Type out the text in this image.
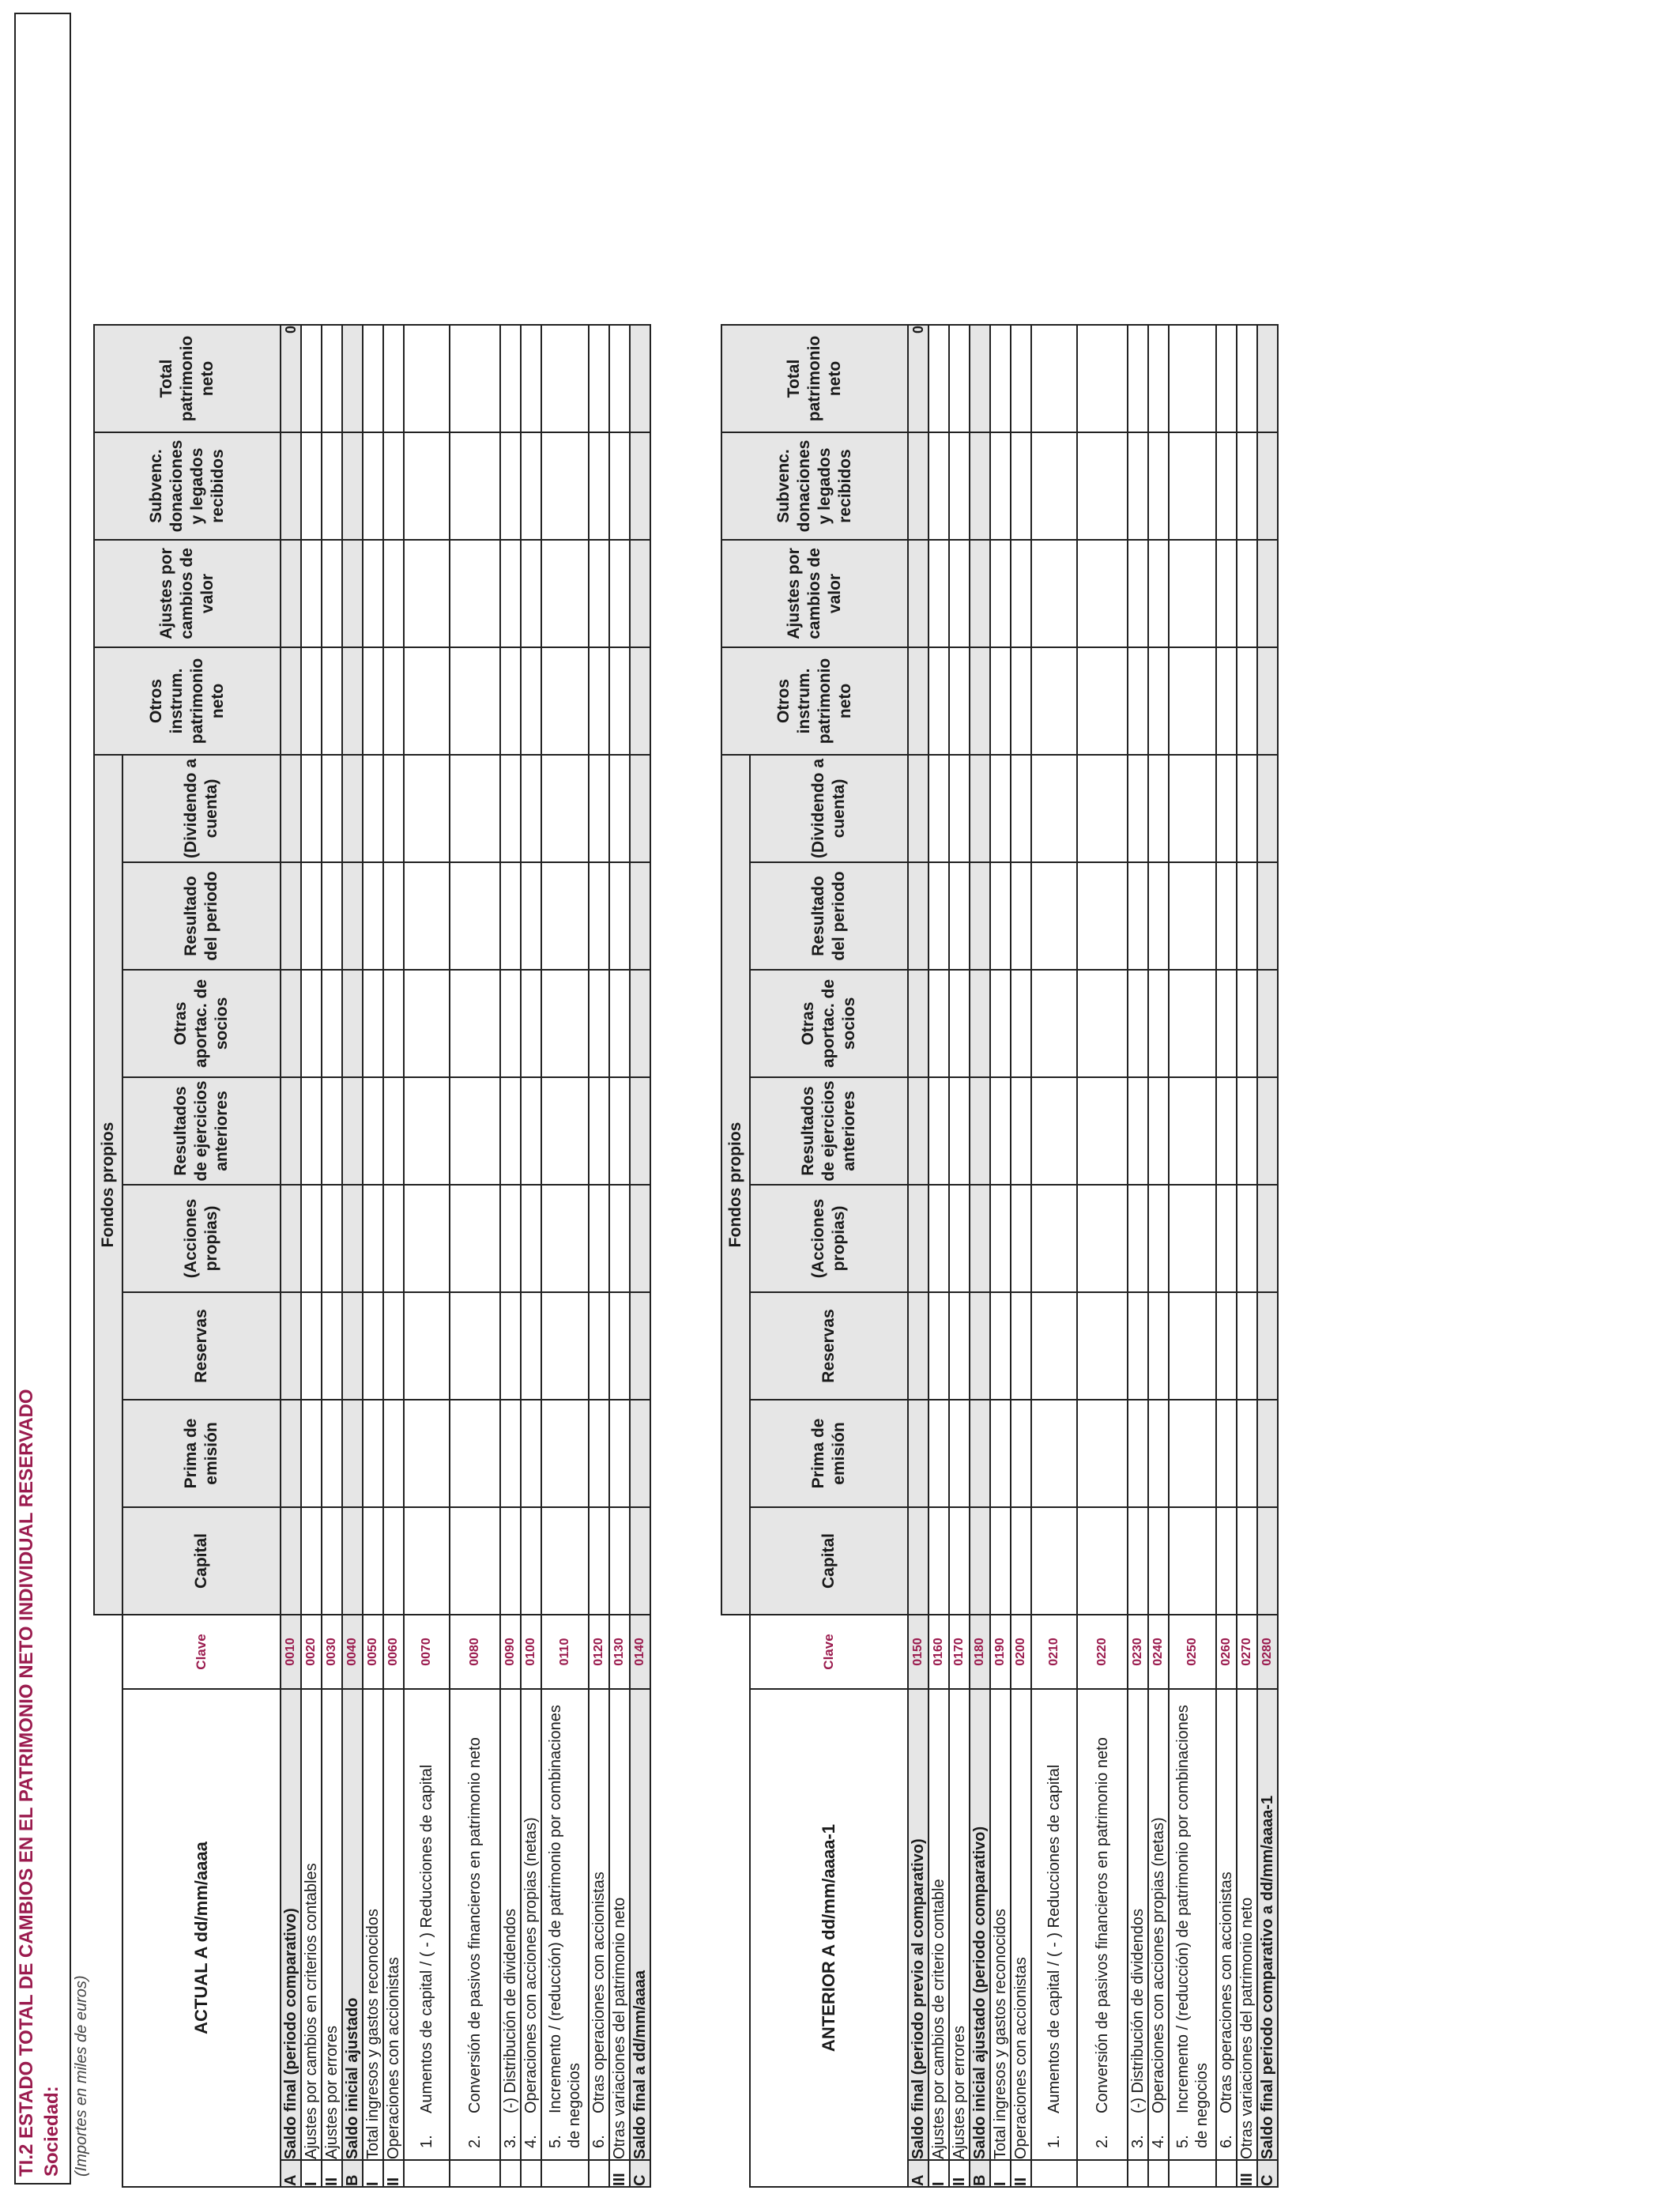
TI.2 ESTADO TOTAL DE CAMBIOS EN EL PATRIMONIO NETO INDIVIDUAL RESERVADO Sociedad: (Importes en miles de euros)
			Fondos propios								Otros instrum. patrimonio neto	Ajustes por cambios de valor	Subvenc. donaciones y legados recibidos	Total patrimonio neto
ACTUAL A dd/mm/aaaa		Clave	Capital	Prima de emisión	Reservas	(Acciones propias)	Resultados de ejercicios anteriores	Otras aportac. de socios	Resultado del periodo	(Dividendo a cuenta)				
A	Saldo final (periodo comparativo)	0010												0
I	Ajustes por cambios en criterios contables	0020												
II	Ajustes por errores	0030												
B	Saldo inicial ajustado	0040												
I	Total ingresos y gastos reconocidos	0050												
II	Operaciones con accionistas	0060												
	1.Aumentos de capital / ( - ) Reducciones de capital	0070												
	2.Conversión de pasivos financieros en patrimonio neto	0080												
	3.(-) Distribución de dividendos	0090												
	4.Operaciones con acciones propias (netas)	0100												
	5.Incremento / (reducción) de patrimonio por combinaciones de negocios	0110												
	6.Otras operaciones con accionistas	0120												
III	Otras variaciones del patrimonio neto	0130												
C	Saldo final a dd/mm/aaaa	0140												
			Fondos propios								Otros instrum. patrimonio neto	Ajustes por cambios de valor	Subvenc. donaciones y legados recibidos	Total patrimonio neto
ANTERIOR A dd/mm/aaaa-1		Clave	Capital	Prima de emisión	Reservas	(Acciones propias)	Resultados de ejercicios anteriores	Otras aportac. de socios	Resultado del periodo	(Dividendo a cuenta)				
A	Saldo final (periodo previo al comparativo)	0150												0
I	Ajustes por cambios de criterio contable	0160												
II	Ajustes por errores	0170												
B	Saldo inicial ajustado (periodo comparativo)	0180												
I	Total ingresos y gastos reconocidos	0190												
II	Operaciones con accionistas	0200												
	1.Aumentos de capital / ( - ) Reducciones de capital	0210												
	2.Conversión de pasivos financieros en patrimonio neto	0220												
	3.(-) Distribución de dividendos	0230												
	4.Operaciones con acciones propias (netas)	0240												
	5.Incremento / (reducción) de patrimonio por combinaciones de negocios	0250												
	6.Otras operaciones con accionistas	0260												
III	Otras variaciones del patrimonio neto	0270												
C	Saldo final periodo comparativo a dd/mm/aaaa-1	0280												
